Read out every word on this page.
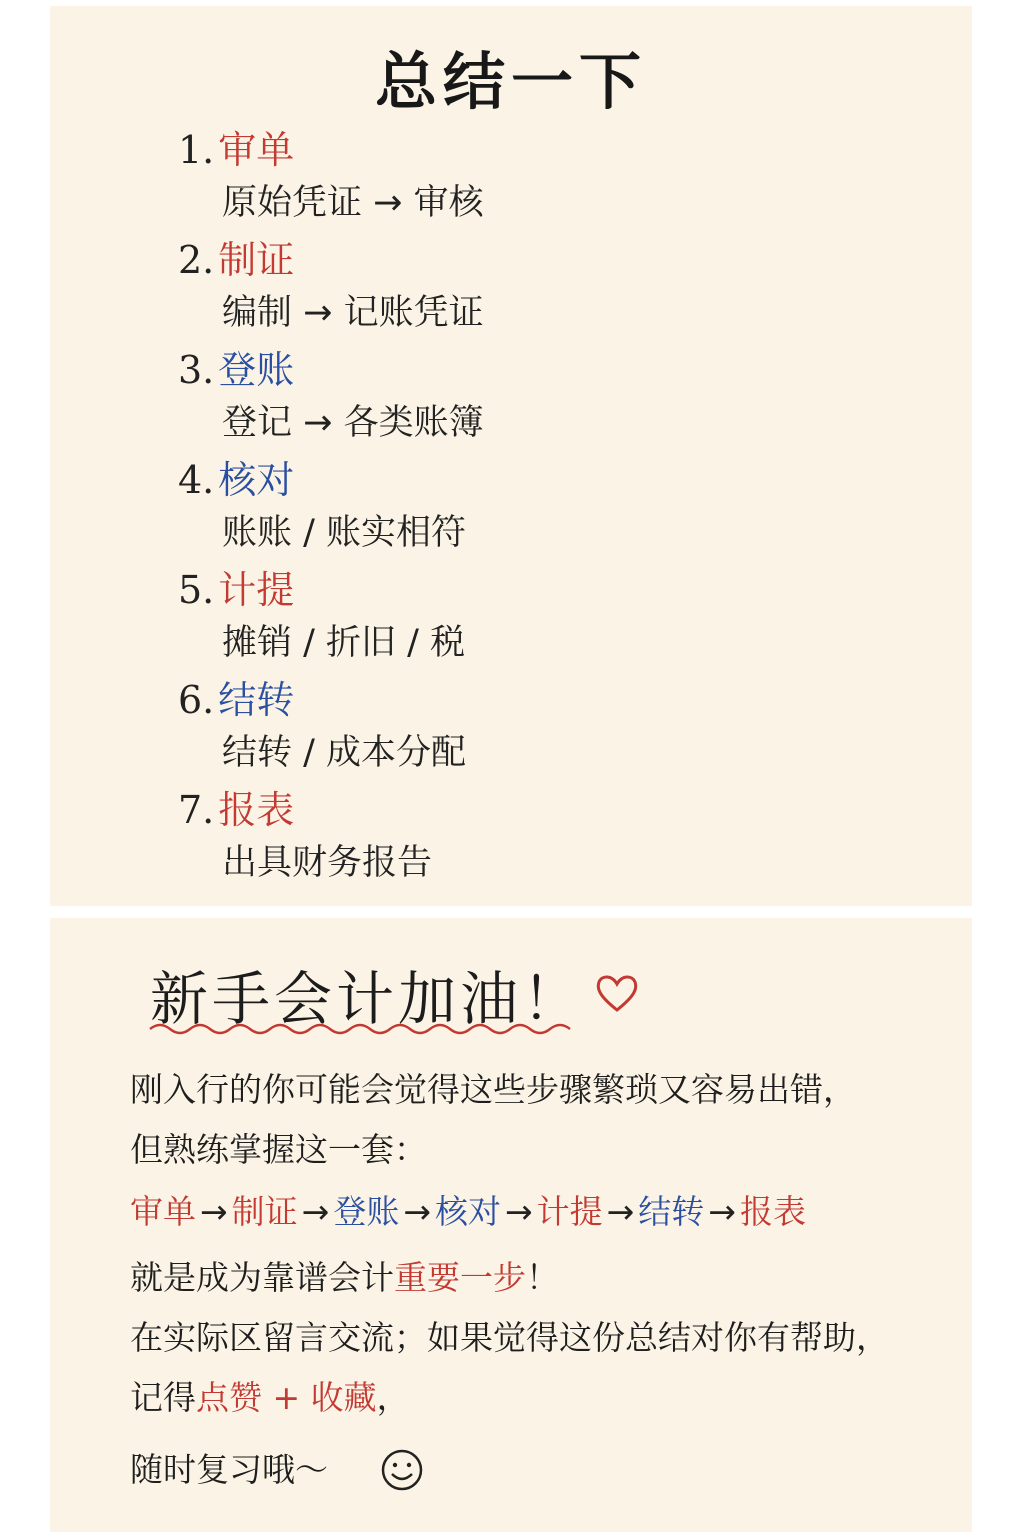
总结一下
1. 审单
原始凭证 → 审核
2. 制证
编制 → 记账凭证
3. 登账
登记 → 各类账簿
4. 核对
账账 / 账实相符
5. 计提
摊销 / 折旧 / 税
6. 结转
结转 / 成本分配
7. 报表
出具财务报告
新手会计加油！
刚入行的你可能会觉得这些步骤繁琐又容易出错，
但熟练掌握这一套：
审单 → 制证 → 登账 → 核对 → 计提 → 结转 → 报表
就是成为靠谱会计重要一步！
在实际区留言交流；如果觉得这份总结对你有帮助，
记得点赞 + 收藏，
随时复习哦～
